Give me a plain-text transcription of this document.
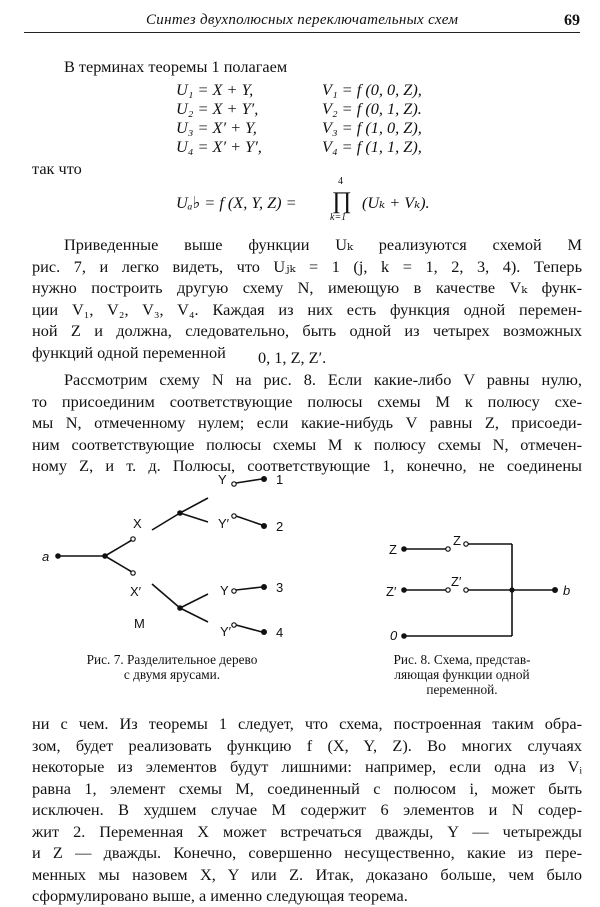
Синтез двухполюсных переключательных схем	69
В терминах теоремы 1 полагаем
U₁ = X + Y,	V₁ = f (0, 0, Z),
U₂ = X + Y′,	V₂ = f (0, 1, Z).
U₃ = X′ + Y,	V₃ = f (1, 0, Z),
U₄ = X′ + Y′,	V₄ = f (1, 1, Z),
так что
Uₐ♭ = f (X, Y, Z) =
4
∏
k=1
(Uₖ + Vₖ).
Приведенные выше функции Uₖ реализуются схемой M
рис. 7, и легко видеть, что Uⱼₖ = 1 (j, k = 1, 2, 3, 4). Теперь
нужно построить другую схему N, имеющую в качестве Vₖ функ-
ции V₁, V₂, V₃, V₄. Каждая из них есть функция одной перемен-
ной Z и должна, следовательно, быть одной из четырех возможных
функций одной переменной	0, 1, Z, Z′.
Рассмотрим схему N на рис. 8. Если какие-либо V равны нулю,
то присоединим соответствующие полюсы схемы M к полюсу схе-
мы N, отмеченному нулем; если какие-нибудь V равны Z, присоеди-
ним соответствующие полюсы схемы M к полюсу схемы N, отмечен-
ному Z, и т. д. Полюсы, соответствующие 1, конечно, не соединены
a
X
X′
Y
Y′
Y
Y′
M
1
2
3
4
Z
Z′
Z
Z′
0
b
Рис. 7. Разделительное дерево
с двумя ярусами.
Рис. 8. Схема, представ-
ляющая функции одной
переменной.
ни с чем. Из теоремы 1 следует, что схема, построенная таким обра-
зом, будет реализовать функцию f (X, Y, Z). Во многих случаях
некоторые из элементов будут лишними: например, если одна из Vᵢ
равна 1, элемент схемы M, соединенный с полюсом i, может быть
исключен. В худшем случае M содержит 6 элементов и N содер-
жит 2. Переменная X может встречаться дважды, Y — четырежды
и Z — дважды. Конечно, совершенно несущественно, какие из пере-
менных мы назовем X, Y или Z. Итак, доказано больше, чем было
сформулировано выше, а именно следующая теорема.
